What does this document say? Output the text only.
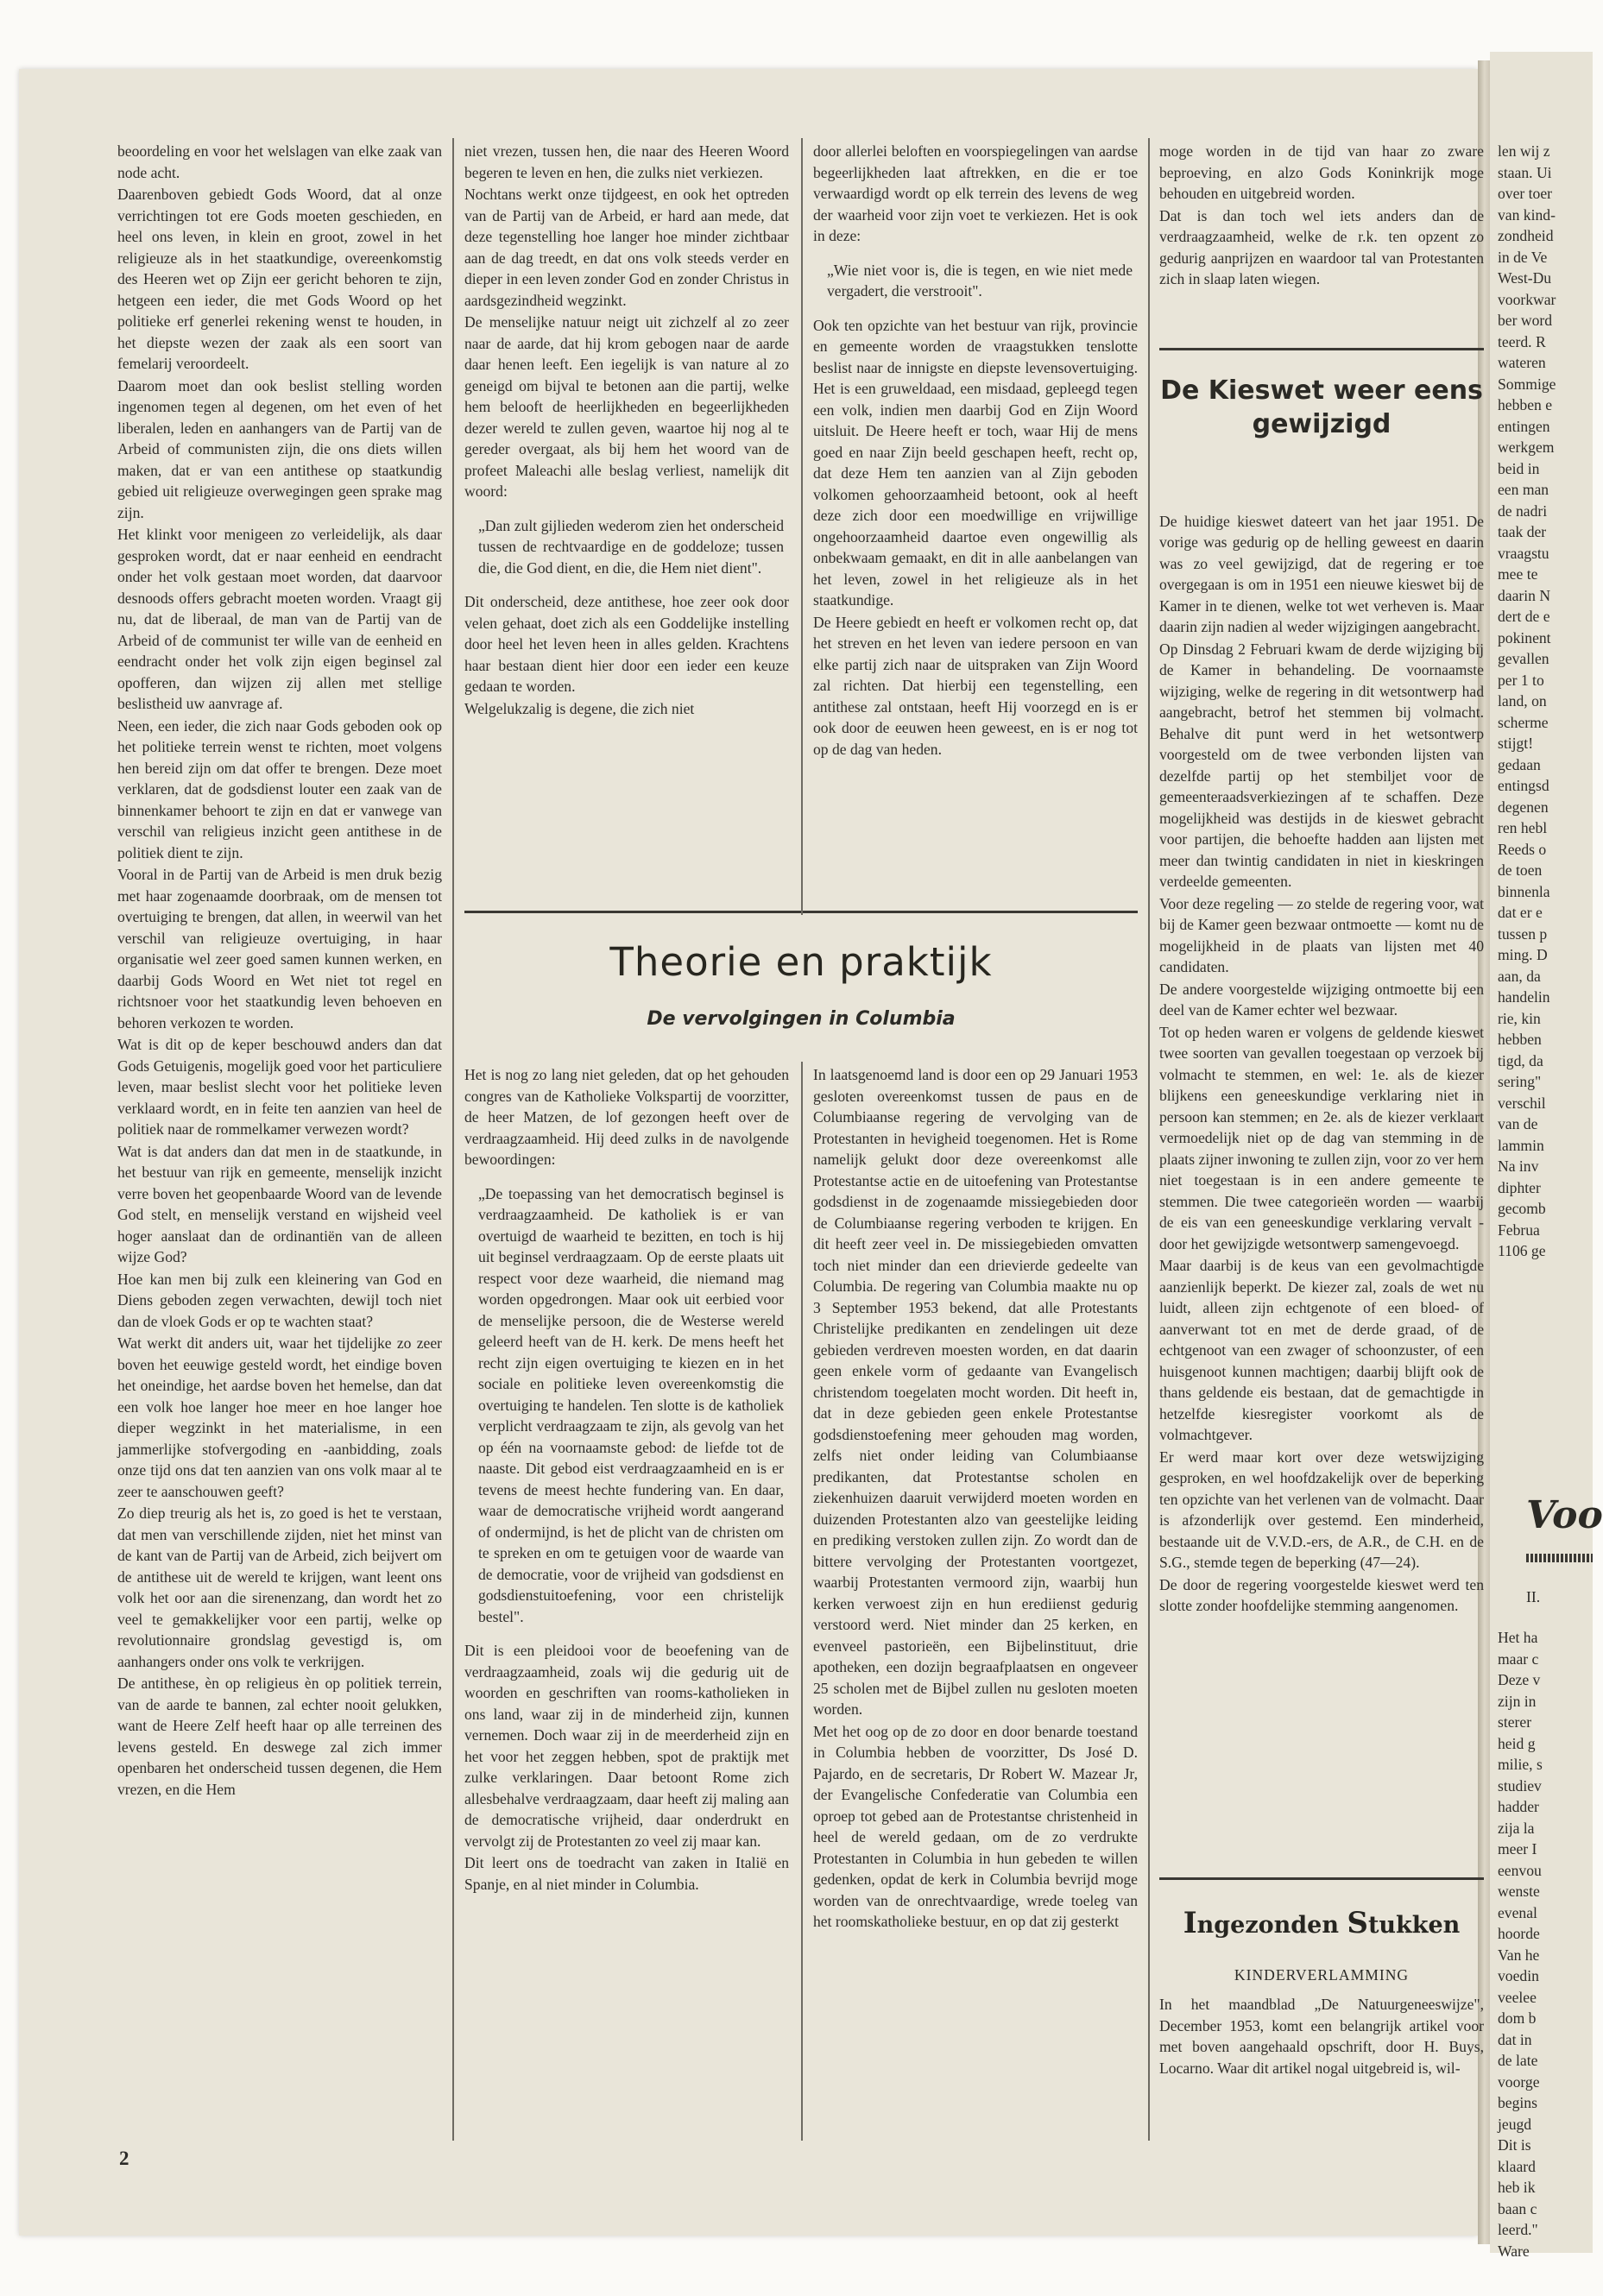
beoordeling en voor het welslagen van elke zaak van node acht.

Daarenboven gebiedt Gods Woord, dat al onze verrichtingen tot ere Gods moeten geschieden, en heel ons leven, in klein en groot, zowel in het religieuze als in het staatkundige, overeenkomstig des Heeren wet op Zijn eer gericht behoren te zijn, hetgeen een ieder, die met Gods Woord op het politieke erf generlei rekening wenst te houden, in het diepste wezen der zaak als een soort van femelarij veroordeelt.

Daarom moet dan ook beslist stelling worden ingenomen tegen al degenen, om het even of het liberalen, leden en aanhangers van de Partij van de Arbeid of communisten zijn, die ons diets willen maken, dat er van een antithese op staatkundig gebied uit religieuze overwegingen geen sprake mag zijn.

Het klinkt voor menigeen zo verleidelijk, als daar gesproken wordt, dat er naar eenheid en eendracht onder het volk gestaan moet worden, dat daarvoor desnoods offers gebracht moeten worden. Vraagt gij nu, dat de liberaal, de man van de Partij van de Arbeid of de communist ter wille van de eenheid en eendracht onder het volk zijn eigen beginsel zal opofferen, dan wijzen zij allen met stellige beslistheid uw aanvrage af.

Neen, een ieder, die zich naar Gods geboden ook op het politieke terrein wenst te richten, moet volgens hen bereid zijn om dat offer te brengen. Deze moet verklaren, dat de godsdienst louter een zaak van de binnenkamer behoort te zijn en dat er vanwege van verschil van religieus inzicht geen antithese in de politiek dient te zijn.

Vooral in de Partij van de Arbeid is men druk bezig met haar zogenaamde doorbraak, om de mensen tot overtuiging te brengen, dat allen, in weerwil van het verschil van religieuze overtuiging, in haar organisatie wel zeer goed samen kunnen werken, en daarbij Gods Woord en Wet niet tot regel en richtsnoer voor het staatkundig leven behoeven en behoren verkozen te worden.

Wat is dit op de keper beschouwd anders dan dat Gods Getuigenis, mogelijk goed voor het particuliere leven, maar beslist slecht voor het politieke leven verklaard wordt, en in feite ten aanzien van heel de politiek naar de rommelkamer verwezen wordt?

Wat is dat anders dan dat men in de staatkunde, in het bestuur van rijk en gemeente, menselijk inzicht verre boven het geopenbaarde Woord van de levende God stelt, en menselijk verstand en wijsheid veel hoger aanslaat dan de ordinantiën van de alleen wijze God?

Hoe kan men bij zulk een kleinering van God en Diens geboden zegen verwachten, dewijl toch niet dan de vloek Gods er op te wachten staat?

Wat werkt dit anders uit, waar het tijdelijke zo zeer boven het eeuwige gesteld wordt, het eindige boven het oneindige, het aardse boven het hemelse, dan dat een volk hoe langer hoe meer en hoe langer hoe dieper wegzinkt in het materialisme, in een jammerlijke stofvergoding en -aanbidding, zoals onze tijd ons dat ten aanzien van ons volk maar al te zeer te aanschouwen geeft?

Zo diep treurig als het is, zo goed is het te verstaan, dat men van verschillende zijden, niet het minst van de kant van de Partij van de Arbeid, zich beijvert om de antithese uit de wereld te krijgen, want leent ons volk het oor aan die sirenenzang, dan wordt het zo veel te gemakkelijker voor een partij, welke op revolutionnaire grondslag gevestigd is, om aanhangers onder ons volk te verkrijgen.

De antithese, èn op religieus èn op politiek terrein, van de aarde te bannen, zal echter nooit gelukken, want de Heere Zelf heeft haar op alle terreinen des levens gesteld. En deswege zal zich immer openbaren het onderscheid tussen degenen, die Hem vrezen, en die Hem

niet vrezen, tussen hen, die naar des Heeren Woord begeren te leven en hen, die zulks niet verkiezen.

Nochtans werkt onze tijdgeest, en ook het optreden van de Partij van de Arbeid, er hard aan mede, dat deze tegenstelling hoe langer hoe minder zichtbaar aan de dag treedt, en dat ons volk steeds verder en dieper in een leven zonder God en zonder Christus in aardsgezindheid wegzinkt.

De menselijke natuur neigt uit zichzelf al zo zeer naar de aarde, dat hij krom gebogen naar de aarde daar henen leeft. Een iegelijk is van nature al zo geneigd om bijval te betonen aan die partij, welke hem belooft de heerlijkheden en begeerlijkheden dezer wereld te zullen geven, waartoe hij nog al te gereder overgaat, als bij hem het woord van de profeet Maleachi alle beslag verliest, namelijk dit woord:

„Dan zult gijlieden wederom zien het onderscheid tussen de rechtvaardige en de goddeloze; tussen die, die God dient, en die, die Hem niet dient".

Dit onderscheid, deze antithese, hoe zeer ook door velen gehaat, doet zich als een Goddelijke instelling door heel het leven heen in alles gelden. Krachtens haar bestaan dient hier door een ieder een keuze gedaan te worden.

Welgelukzalig is degene, die zich niet

door allerlei beloften en voorspiegelingen van aardse begeerlijkheden laat aftrekken, en die er toe verwaardigd wordt op elk terrein des levens de weg der waarheid voor zijn voet te verkiezen. Het is ook in deze:

„Wie niet voor is, die is tegen, en wie niet mede vergadert, die verstrooit".

Ook ten opzichte van het bestuur van rijk, provincie en gemeente worden de vraagstukken tenslotte beslist naar de innigste en diepste levensovertuiging. Het is een gruweldaad, een misdaad, gepleegd tegen een volk, indien men daarbij God en Zijn Woord uitsluit. De Heere heeft er toch, waar Hij de mens goed en naar Zijn beeld geschapen heeft, recht op, dat deze Hem ten aanzien van al Zijn geboden volkomen gehoorzaamheid betoont, ook al heeft deze zich door een moedwillige en vrijwillige ongehoorzaamheid daartoe even ongewillig als onbekwaam gemaakt, en dit in alle aanbelangen van het leven, zowel in het religieuze als in het staatkundige.

De Heere gebiedt en heeft er volkomen recht op, dat het streven en het leven van iedere persoon en van elke partij zich naar de uitspraken van Zijn Woord zal richten. Dat hierbij een tegenstelling, een antithese zal ontstaan, heeft Hij voorzegd en is er ook door de eeuwen heen geweest, en is er nog tot op de dag van heden.

moge worden in de tijd van haar zo zware beproeving, en alzo Gods Koninkrijk moge behouden en uitgebreid worden.

Dat is dan toch wel iets anders dan de verdraagzaamheid, welke de r.k. ten opzent zo gedurig aanprijzen en waardoor tal van Protestanten zich in slaap laten wiegen.

De huidige kieswet dateert van het jaar 1951. De vorige was gedurig op de helling geweest en daarin was zo veel gewijzigd, dat de regering er toe overgegaan is om in 1951 een nieuwe kieswet bij de Kamer in te dienen, welke tot wet verheven is. Maar daarin zijn nadien al weder wijzigingen aangebracht.

Op Dinsdag 2 Februari kwam de derde wijziging bij de Kamer in behandeling. De voornaamste wijziging, welke de regering in dit wetsontwerp had aangebracht, betrof het stemmen bij volmacht. Behalve dit punt werd in het wetsontwerp voorgesteld om de twee verbonden lijsten van dezelfde partij op het stembiljet voor de gemeenteraadsverkiezingen af te schaffen. Deze mogelijkheid was destijds in de kieswet gebracht voor partijen, die behoefte hadden aan lijsten met meer dan twintig candidaten in niet in kieskringen verdeelde gemeenten.

Voor deze regeling — zo stelde de regering voor, wat bij de Kamer geen bezwaar ontmoette — komt nu de mogelijkheid in de plaats van lijsten met 40 candidaten.

De andere voorgestelde wijziging ontmoette bij een deel van de Kamer echter wel bezwaar.

Tot op heden waren er volgens de geldende kieswet twee soorten van gevallen toegestaan op verzoek bij volmacht te stemmen, en wel: 1e. als de kiezer blijkens een geneeskundige verklaring niet in persoon kan stemmen; en 2e. als de kiezer verklaart vermoedelijk niet op de dag van stemming in de plaats zijner inwoning te zullen zijn, voor zo ver hem niet toegestaan is in een andere gemeente te stemmen. Die twee categorieën worden — waarbij de eis van een geneeskundige verklaring vervalt - door het gewijzigde wetsontwerp samengevoegd.

Maar daarbij is de keus van een gevolmachtigde aanzienlijk beperkt. De kiezer zal, zoals de wet nu luidt, alleen zijn echtgenote of een bloed- of aanverwant tot en met de derde graad, of de echtgenoot van een zwager of schoonzuster, of een huisgenoot kunnen machtigen; daarbij blijft ook de thans geldende eis bestaan, dat de gemachtigde in hetzelfde kiesregister voorkomt als de volmachtgever.

Er werd maar kort over deze wetswijziging gesproken, en wel hoofdzakelijk over de beperking ten opzichte van het verlenen van de volmacht. Daar is afzonderlijk over gestemd. Een minderheid, bestaande uit de V.V.D.-ers, de A.R., de C.H. en de S.G., stemde tegen de beperking (47—24).

De door de regering voorgestelde kieswet werd ten slotte zonder hoofdelijke stemming aangenomen.

De Kieswet weer eens gewijzigd
Theorie en praktijk
De vervolgingen in Columbia

Het is nog zo lang niet geleden, dat op het gehouden congres van de Katholieke Volkspartij de voorzitter, de heer Matzen, de lof gezongen heeft over de verdraagzaamheid. Hij deed zulks in de navolgende bewoordingen:

„De toepassing van het democratisch beginsel is verdraagzaamheid. De katholiek is er van overtuigd de waarheid te bezitten, en toch is hij uit beginsel verdraagzaam. Op de eerste plaats uit respect voor deze waarheid, die niemand mag worden opgedrongen. Maar ook uit eerbied voor de menselijke persoon, die de Westerse wereld geleerd heeft van de H. kerk. De mens heeft het recht zijn eigen overtuiging te kiezen en in het sociale en politieke leven overeenkomstig die overtuiging te handelen. Ten slotte is de katholiek verplicht verdraagzaam te zijn, als gevolg van het op één na voornaamste gebod: de liefde tot de naaste. Dit gebod eist verdraagzaamheid en is er tevens de meest hechte fundering van. En daar, waar de democratische vrijheid wordt aangerand of ondermijnd, is het de plicht van de christen om te spreken en om te getuigen voor de waarde van de democratie, voor de vrijheid van godsdienst en godsdienstuitoefening, voor een christelijk bestel".

Dit is een pleidooi voor de beoefening van de verdraagzaamheid, zoals wij die gedurig uit de woorden en geschriften van rooms-katholieken in ons land, waar zij in de minderheid zijn, kunnen vernemen. Doch waar zij in de meerderheid zijn en het voor het zeggen hebben, spot de praktijk met zulke verklaringen. Daar betoont Rome zich allesbehalve verdraagzaam, daar heeft zij maling aan de democratische vrijheid, daar onderdrukt en vervolgt zij de Protestanten zo veel zij maar kan.

Dit leert ons de toedracht van zaken in Italië en Spanje, en al niet minder in Columbia.

In laatsgenoemd land is door een op 29 Januari 1953 gesloten overeenkomst tussen de paus en de Columbiaanse regering de vervolging van de Protestanten in hevigheid toegenomen. Het is Rome namelijk gelukt door deze overeenkomst alle Protestantse actie en de uitoefening van Protestantse godsdienst in de zogenaamde missiegebieden door de Columbiaanse regering verboden te krijgen. En dit heeft zeer veel in. De missiegebieden omvatten toch niet minder dan een drievierde gedeelte van Columbia. De regering van Columbia maakte nu op 3 September 1953 bekend, dat alle Protestants Christelijke predikanten en zendelingen uit deze gebieden verdreven moesten worden, en dat daarin geen enkele vorm of gedaante van Evangelisch christendom toegelaten mocht worden. Dit heeft in, dat in deze gebieden geen enkele Protestantse godsdienstoefening meer gehouden mag worden, zelfs niet onder leiding van Columbiaanse predikanten, dat Protestantse scholen en ziekenhuizen daaruit verwijderd moeten worden en duizenden Protestanten alzo van geestelijke leiding en prediking verstoken zullen zijn. Zo wordt dan de bittere vervolging der Protestanten voortgezet, waarbij Protestanten vermoord zijn, waarbij hun kerken verwoest zijn en hun erediienst gedurig verstoord werd. Niet minder dan 25 kerken, en evenveel pastorieën, een Bijbelinstituut, drie apotheken, een dozijn begraafplaatsen en ongeveer 25 scholen met de Bijbel zullen nu gesloten moeten worden.

Met het oog op de zo door en door benarde toestand in Columbia hebben de voorzitter, Ds José D. Pajardo, en de secretaris, Dr Robert W. Mazear Jr, der Evangelische Confederatie van Columbia een oproep tot gebed aan de Protestantse christenheid in heel de wereld gedaan, om de zo verdrukte Protestanten in Columbia in hun gebeden te willen gedenken, opdat de kerk in Columbia bevrijd moge worden van de onrechtvaardige, wrede toeleg van het roomskatholieke bestuur, en op dat zij gesterkt	Ingezonden Stukken
KINDERVERLAMMING

In het maandblad „De Natuurgeneeswijze", December 1953, komt een belangrijk artikel voor met boven aangehaald opschrift, door H. Buys, Locarno. Waar dit artikel nogal uitgebreid is, wil-

2
len wij z
staan. Ui
over toer
van kind-
zondheid
in de Ve
West-Du
voorkwar
ber word
teerd. R
wateren
Sommige
hebben e
entingen
werkgem
beid in
een man
de nadri
taak der
vraagstu
mee te
daarin N
dert de e
pokinent
gevallen
per 1 to
land, on
scherme
stijgt!
gedaan
entingsd
degenen
ren hebl
Reeds o
de toen
binnenla
dat er e
tussen p
ming. D
aan, da
handelin
rie, kin
hebben
tigd, da
sering"
verschil
van de
lammin
Na inv
diphter
gecomb
Februa
1106 ge
Voo
II.
Het ha
maar c
Deze v
zijn in
sterer
heid g
milie, s
studiev
hadder
zija la
meer I
eenvou
wenste
evenal
hoorde
Van he
voedin
veelee
dom b
dat in
de late
voorge
begins
jeugd
Dit is
klaard
heb ik
baan c
leerd."
Ware
